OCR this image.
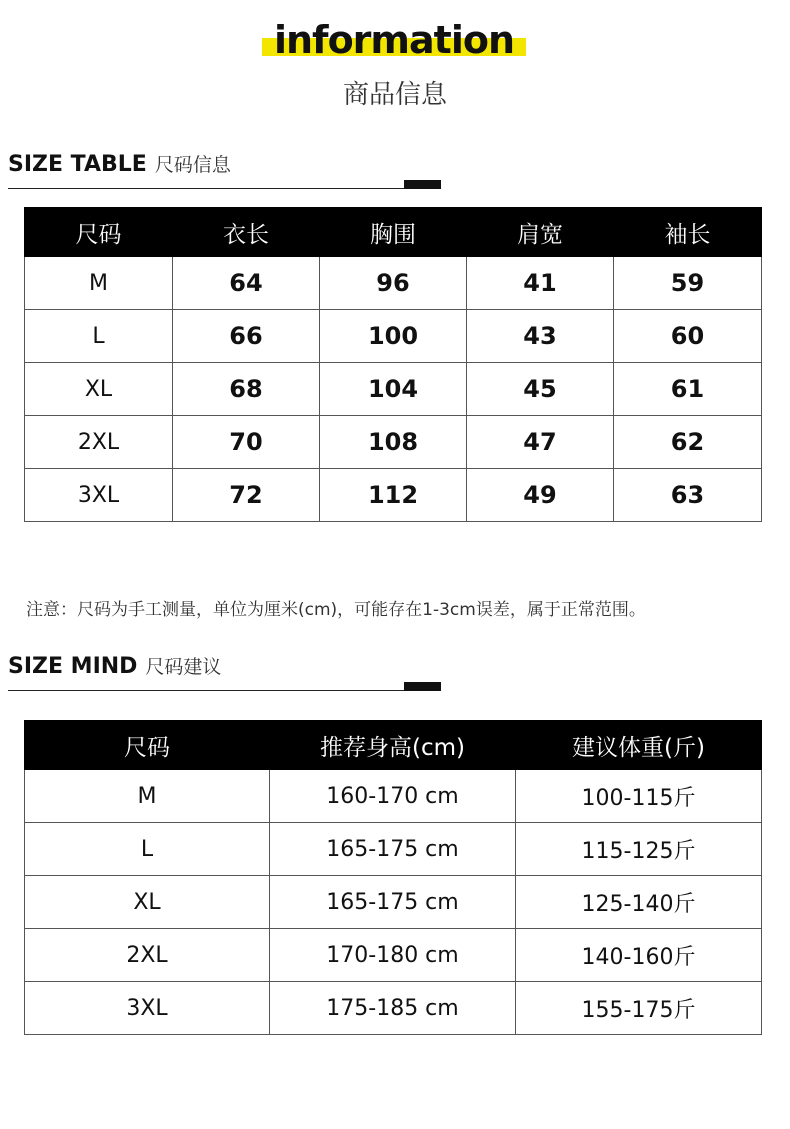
information
商品信息
SIZE TABLE 尺码信息
尺码	衣长	胸围	肩宽	袖长
M	64	96	41	59
L	66	100	43	60
XL	68	104	45	61
2XL	70	108	47	62
3XL	72	112	49	63
注意：尺码为手工测量，单位为厘米(cm)，可能存在1-3cm误差，属于正常范围。
SIZE MIND 尺码建议
尺码	推荐身高(cm)	建议体重(斤)
M	160-170 cm	100-115斤
L	165-175 cm	115-125斤
XL	165-175 cm	125-140斤
2XL	170-180 cm	140-160斤
3XL	175-185 cm	155-175斤
